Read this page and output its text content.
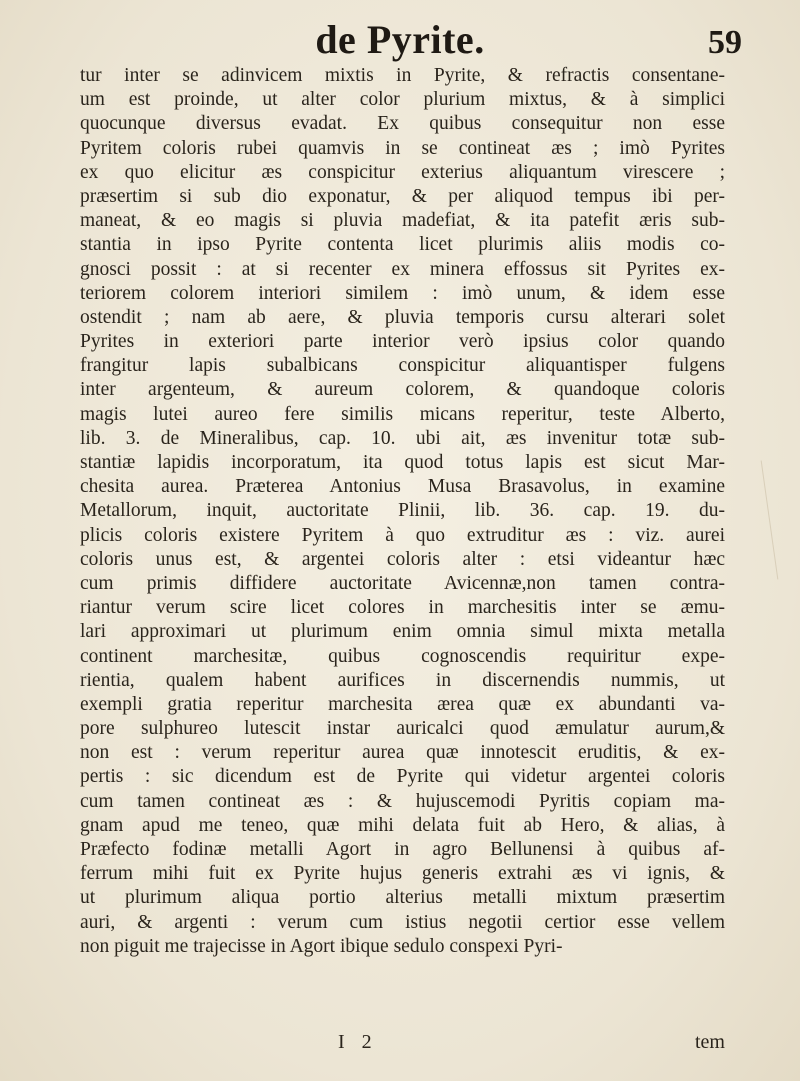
de Pyrite.	59
tur inter se adinvicem mixtis in Pyrite, & refractis consentane-
um est proinde, ut alter color plurium mixtus, & à simplici
quocunque diversus evadat. Ex quibus consequitur non esse
Pyritem coloris rubei quamvis in se contineat æs ; imò Pyrites
ex quo elicitur æs conspicitur exterius aliquantum virescere ;
præsertim si sub dio exponatur, & per aliquod tempus ibi per-
maneat, & eo magis si pluvia madefiat, & ita patefit æris sub-
stantia in ipso Pyrite contenta licet plurimis aliis modis co-
gnosci possit : at si recenter ex minera effossus sit Pyrites ex-
teriorem colorem interiori similem : imò unum, & idem esse
ostendit ; nam ab aere, & pluvia temporis cursu alterari solet
Pyrites in exteriori parte interior verò ipsius color quando
frangitur lapis subalbicans conspicitur aliquantisper fulgens
inter argenteum, & aureum colorem, & quandoque coloris
magis lutei aureo fere similis micans reperitur, teste Alberto,
lib. 3. de Mineralibus, cap. 10. ubi ait, æs invenitur totæ sub-
stantiæ lapidis incorporatum, ita quod totus lapis est sicut Mar-
chesita aurea. Præterea Antonius Musa Brasavolus, in examine
Metallorum, inquit, auctoritate Plinii, lib. 36. cap. 19. du-
plicis coloris existere Pyritem à quo extruditur æs : viz. aurei
coloris unus est, & argentei coloris alter : etsi videantur hæc
cum primis diffidere auctoritate Avicennæ,non tamen contra-
riantur verum scire licet colores in marchesitis inter se æmu-
lari approximari ut plurimum enim omnia simul mixta metalla
continent marchesitæ, quibus cognoscendis requiritur expe-
rientia, qualem habent aurifices in discernendis nummis, ut
exempli gratia reperitur marchesita ærea quæ ex abundanti va-
pore sulphureo lutescit instar auricalci quod æmulatur aurum,&
non est : verum reperitur aurea quæ innotescit eruditis, & ex-
pertis : sic dicendum est de Pyrite qui videtur argentei coloris
cum tamen contineat æs : & hujuscemodi Pyritis copiam ma-
gnam apud me teneo, quæ mihi delata fuit ab Hero, & alias, à
Præfecto fodinæ metalli Agort in agro Bellunensi à quibus af-
ferrum mihi fuit ex Pyrite hujus generis extrahi æs vi ignis, &
ut plurimum aliqua portio alterius metalli mixtum præsertim
auri, & argenti : verum cum istius negotii certior esse vellem
non piguit me trajecisse in Agort ibique sedulo conspexi Pyri-
I 2	tem
